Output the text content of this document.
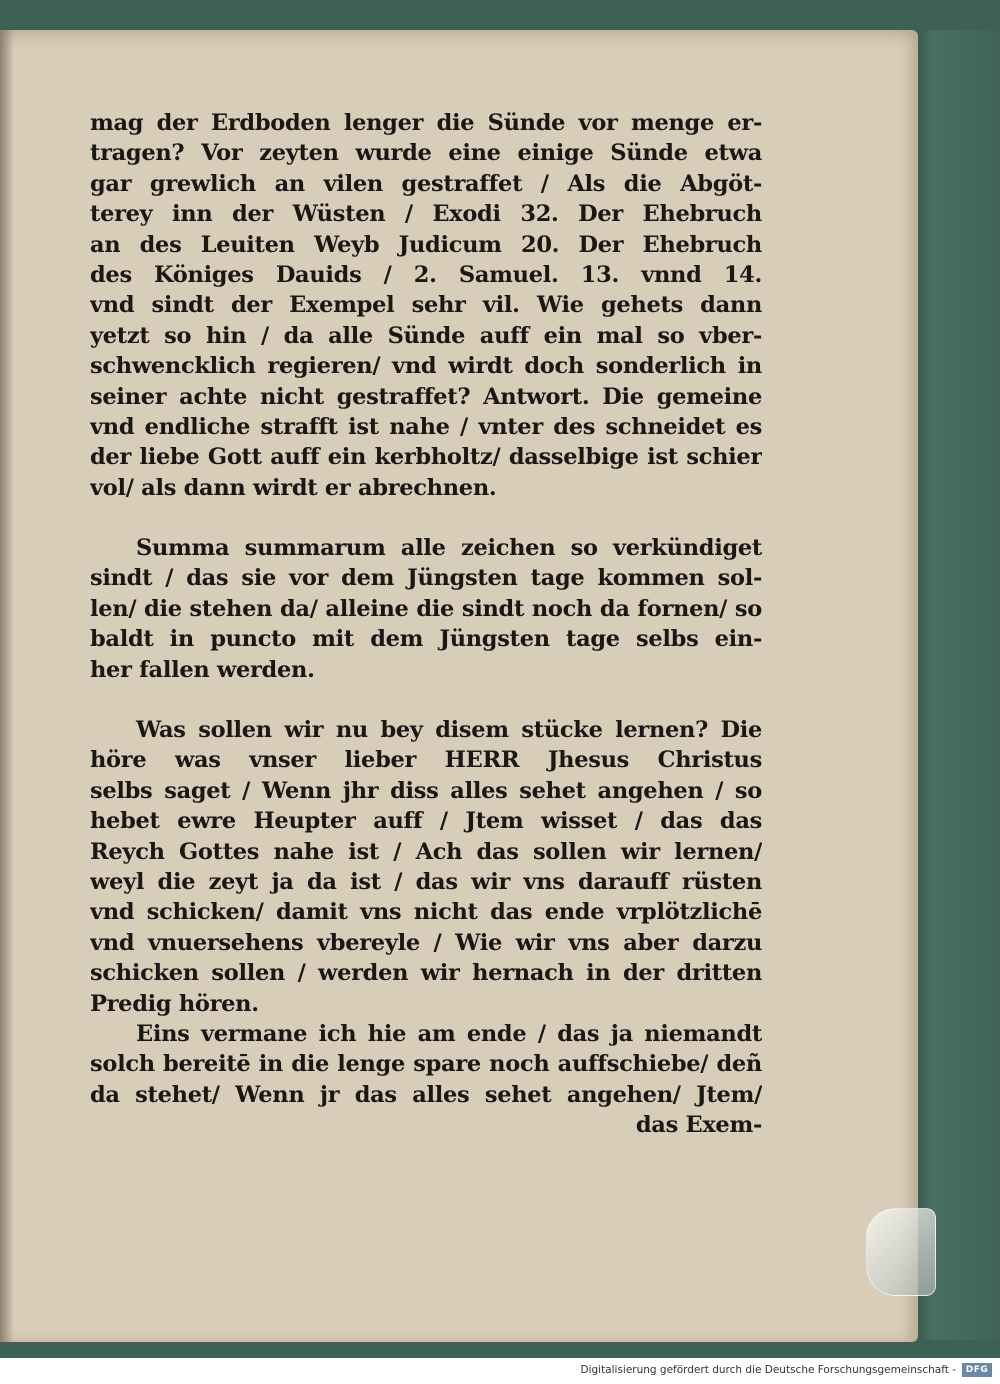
mag der Erdboden lenger die Sünde vor menge er-
tragen? Vor zeyten wurde eine einige Sünde etwa
gar grewlich an vilen gestraffet / Als die Abgöt-
terey inn der Wüsten / Exodi 32. Der Ehebruch
an des Leuiten Weyb Judicum 20. Der Ehebruch
des Königes Dauids / 2. Samuel. 13. vnnd 14.
vnd sindt der Exempel sehr vil. Wie gehets dann
yetzt so hin / da alle Sünde auff ein mal so vber-
schwencklich regieren/ vnd wirdt doch sonderlich in
seiner achte nicht gestraffet? Antwort. Die gemeine
vnd endliche strafft ist nahe / vnter des schneidet es
der liebe Gott auff ein kerbholtz/ dasselbige ist schier
vol/ als dann wirdt er abrechnen.
Summa summarum alle zeichen so verkündiget
sindt / das sie vor dem Jüngsten tage kommen sol-
len/ die stehen da/ alleine die sindt noch da fornen/ so
baldt in puncto mit dem Jüngsten tage selbs ein-
her fallen werden.
Was sollen wir nu bey disem stücke lernen? Die
höre was vnser lieber HERR Jhesus Christus
selbs saget / Wenn jhr diss alles sehet angehen / so
hebet ewre Heupter auff / Jtem wisset / das das
Reych Gottes nahe ist / Ach das sollen wir lernen/
weyl die zeyt ja da ist / das wir vns darauff rüsten
vnd schicken/ damit vns nicht das ende vrplötzlichē
vnd vnuersehens vbereyle / Wie wir vns aber darzu
schicken sollen / werden wir hernach in der dritten
Predig hören.
Eins vermane ich hie am ende / das ja niemandt
solch bereitē in die lenge spare noch auffschiebe/ deñ
da stehet/ Wenn jr das alles sehet angehen/ Jtem/
das Exem-
Digitalisierung gefördert durch die Deutsche Forschungsgemeinschaft -	DFG
